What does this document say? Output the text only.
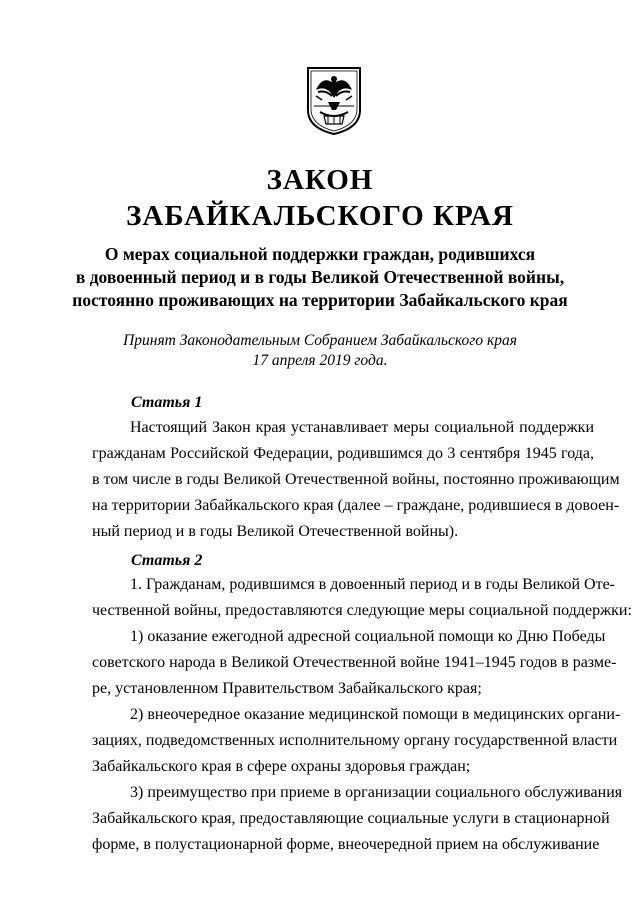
ЗАКОН
ЗАБАЙКАЛЬСКОГО КРАЯ
О мерах социальной поддержки граждан, родившихся
в довоенный период и в годы Великой Отечественной войны,
постоянно проживающих на территории Забайкальского края
Принят Законодательным Собранием Забайкальского края
17 апреля 2019 года.
Статья 1
Настоящий Закон края устанавливает меры социальной поддержки
гражданам Российской Федерации, родившимся до 3 сентября 1945 года,
в том числе в годы Великой Отечественной войны, постоянно проживающим
на территории Забайкальского края (далее – граждане, родившиеся в довоен-
ный период и в годы Великой Отечественной войны).
Статья 2
1. Гражданам, родившимся в довоенный период и в годы Великой Оте-
чественной войны, предоставляются следующие меры социальной поддержки:
1) оказание ежегодной адресной социальной помощи ко Дню Победы
советского народа в Великой Отечественной войне 1941–1945 годов в разме-
ре, установленном Правительством Забайкальского края;
2) внеочередное оказание медицинской помощи в медицинских органи-
зациях, подведомственных исполнительному органу государственной власти
Забайкальского края в сфере охраны здоровья граждан;
3) преимущество при приеме в организации социального обслуживания
Забайкальского края, предоставляющие социальные услуги в стационарной
форме, в полустационарной форме, внеочередной прием на обслуживание
